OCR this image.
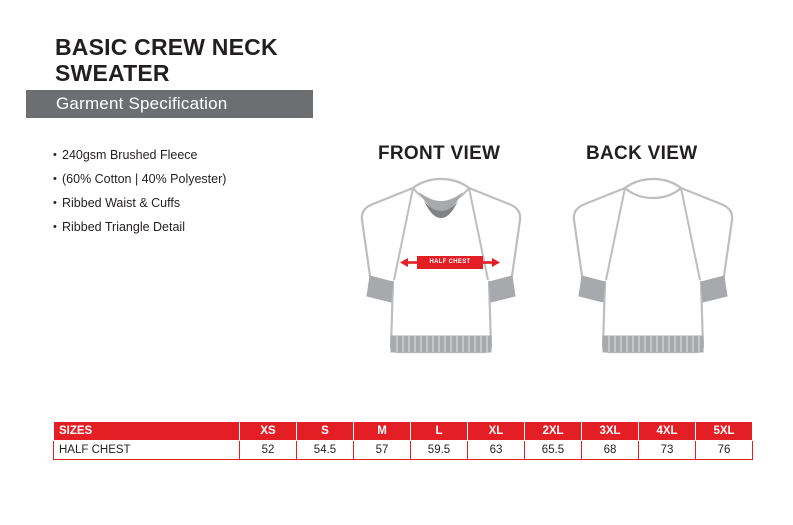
BASIC CREW NECK SWEATER
Garment Specification
• 240gsm Brushed Fleece
• (60% Cotton | 40% Polyester)
• Ribbed Waist & Cuffs
• Ribbed Triangle Detail
FRONT VIEW	BACK VIEW
HALF CHEST
SIZES	XS	S	M	L	XL	2XL	3XL	4XL	5XL
HALF CHEST	52	54.5	57	59.5	63	65.5	68	73	76
